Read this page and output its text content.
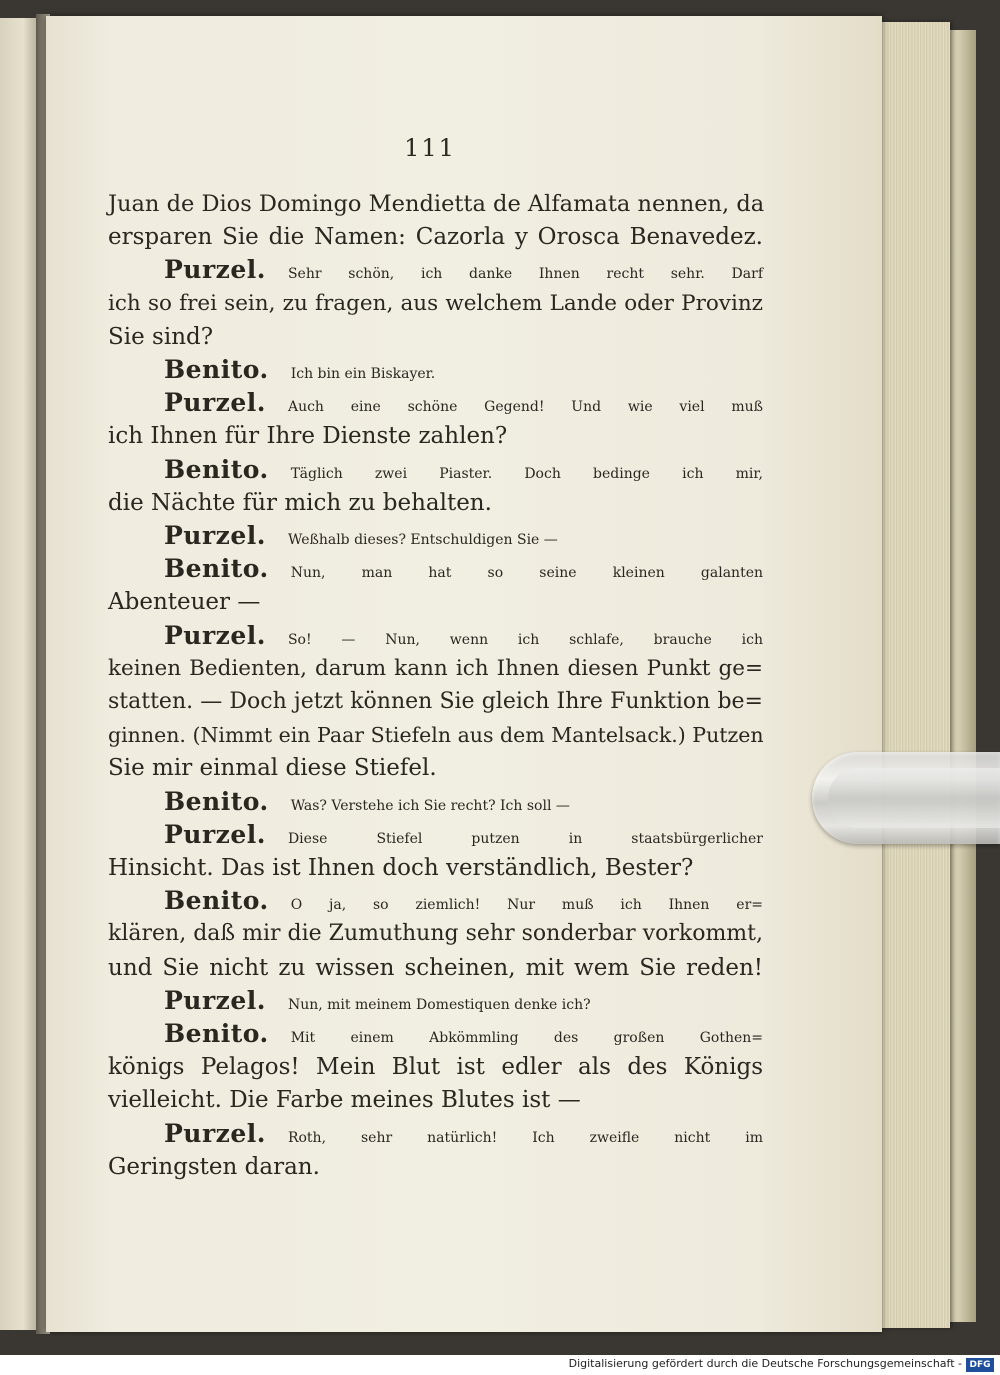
111
Juan de Dios Domingo Mendietta de Alfamata nennen, da
ersparen Sie die Namen: Cazorla y Orosca Benavedez.
Purzel. Sehr schön, ich danke Ihnen recht sehr. Darf
ich so frei sein, zu fragen, aus welchem Lande oder Provinz
Sie sind?
Benito. Ich bin ein Biskayer.
Purzel. Auch eine schöne Gegend! Und wie viel muß
ich Ihnen für Ihre Dienste zahlen?
Benito. Täglich zwei Piaster. Doch bedinge ich mir,
die Nächte für mich zu behalten.
Purzel. Weßhalb dieses? Entschuldigen Sie —
Benito. Nun, man hat so seine kleinen galanten
Abenteuer —
Purzel. So! — Nun, wenn ich schlafe, brauche ich
keinen Bedienten, darum kann ich Ihnen diesen Punkt ge=
statten. — Doch jetzt können Sie gleich Ihre Funktion be=
ginnen. (Nimmt ein Paar Stiefeln aus dem Mantelsack.) Putzen
Sie mir einmal diese Stiefel.
Benito. Was? Verstehe ich Sie recht? Ich soll —
Purzel. Diese Stiefel putzen in staatsbürgerlicher
Hinsicht. Das ist Ihnen doch verständlich, Bester?
Benito. O ja, so ziemlich! Nur muß ich Ihnen er=
klären, daß mir die Zumuthung sehr sonderbar vorkommt,
und Sie nicht zu wissen scheinen, mit wem Sie reden!
Purzel. Nun, mit meinem Domestiquen denke ich?
Benito. Mit einem Abkömmling des großen Gothen=
königs Pelagos! Mein Blut ist edler als des Königs
vielleicht. Die Farbe meines Blutes ist —
Purzel. Roth, sehr natürlich! Ich zweifle nicht im
Geringsten daran.
Digitalisierung gefördert durch die Deutsche Forschungsgemeinschaft - DFG
